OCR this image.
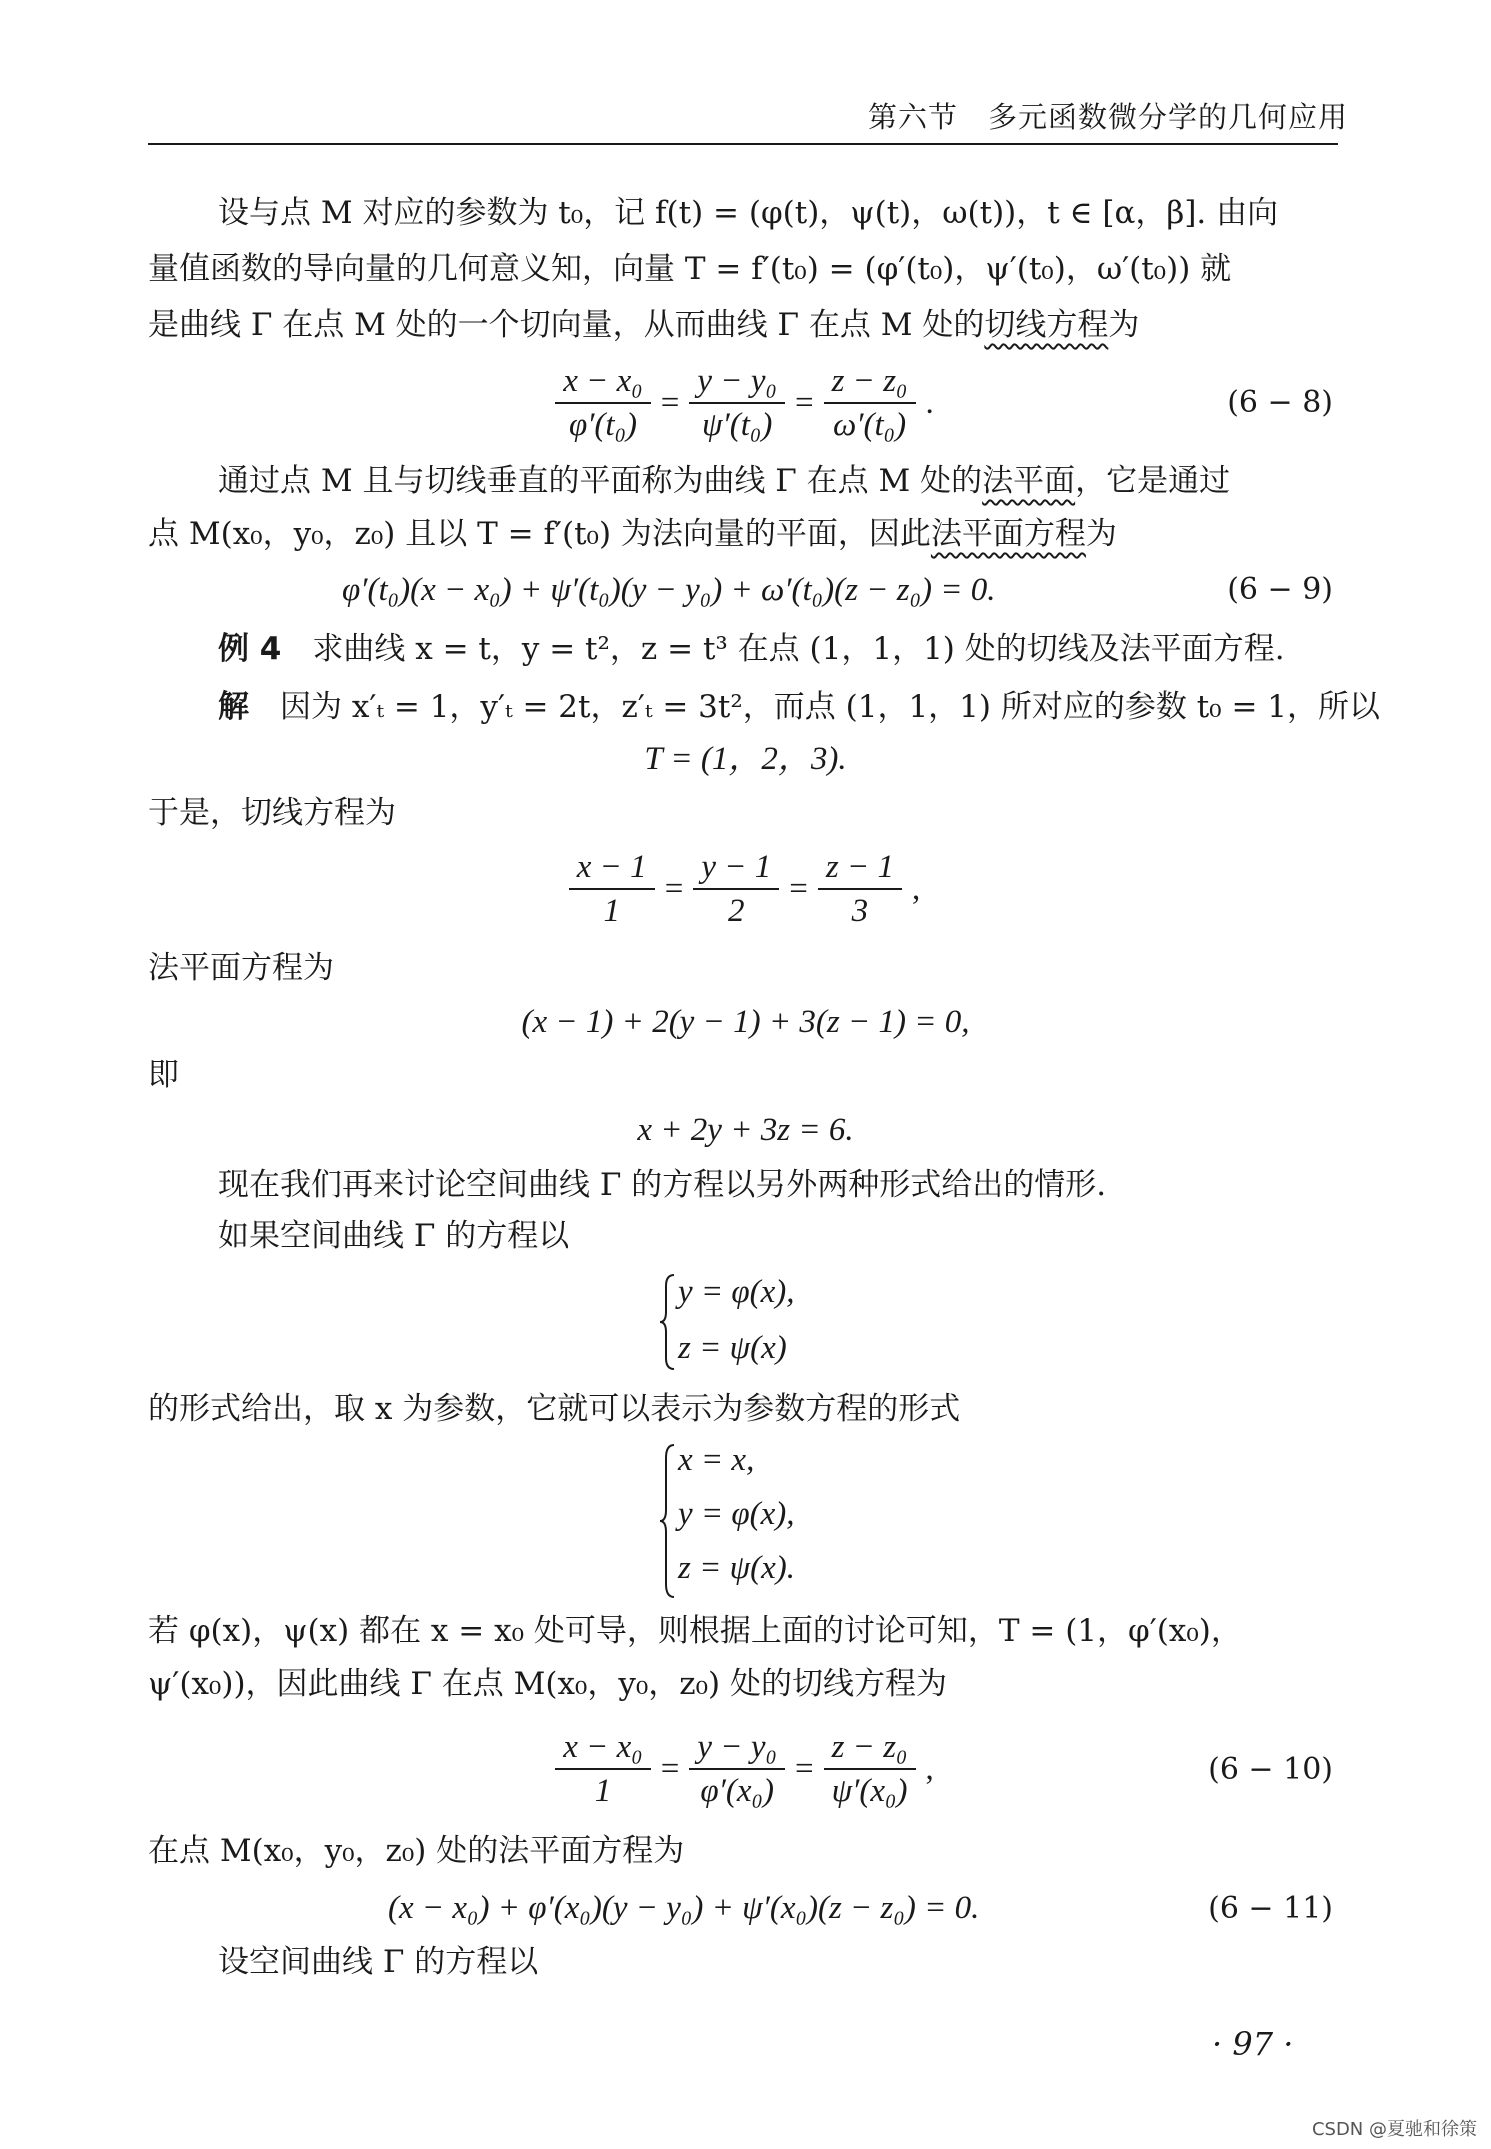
第六节　多元函数微分学的几何应用
设与点 M 对应的参数为 t₀，记 f(t) = (φ(t)，ψ(t)，ω(t))，t ∈ [α，β]. 由向
量值函数的导向量的几何意义知，向量 T = f′(t₀) = (φ′(t₀)，ψ′(t₀)，ω′(t₀)) 就
是曲线 Γ 在点 M 处的一个切向量，从而曲线 Γ 在点 M 处的切线方程为
$\frac{\text{x − x₀}}{\text{φ′(t₀)}} = \frac{\text{y − y₀}}{\text{ψ′(t₀)}} = \frac{\text{z − z₀}}{\text{ω′(t₀)}}$ .	(6 − 8)
通过点 M 且与切线垂直的平面称为曲线 Γ 在点 M 处的法平面，它是通过
点 M(x₀，y₀，z₀) 且以 T = f′(t₀) 为法向量的平面，因此法平面方程为
φ′(t₀)(x − x₀) + ψ′(t₀)(y − y₀) + ω′(t₀)(z − z₀) = 0.	(6 − 9)
例 4　 求曲线 x = t，y = t²，z = t³ 在点 (1，1，1) 处的切线及法平面方程.
解　 因为 x′ₜ = 1，y′ₜ = 2t，z′ₜ = 3t²，而点 (1，1，1) 所对应的参数 t₀ = 1，所以
T = (1，2，3).
于是，切线方程为
$\frac{x - 1}{1} = \frac{y - 1}{2} = \frac{z - 1}{3}$ ,
法平面方程为
(x − 1) + 2(y − 1) + 3(z − 1) = 0,
即
x + 2y + 3z = 6.
现在我们再来讨论空间曲线 Γ 的方程以另外两种形式给出的情形.
如果空间曲线 Γ 的方程以
y = φ(x),
z = ψ(x)
的形式给出，取 x 为参数，它就可以表示为参数方程的形式
x = x,
y = φ(x),
z = ψ(x).
若 φ(x)，ψ(x) 都在 x = x₀ 处可导，则根据上面的讨论可知，T = (1，φ′(x₀)，
ψ′(x₀))，因此曲线 Γ 在点 M(x₀，y₀，z₀) 处的切线方程为
$\frac{\text{x − x₀}}{1} = \frac{\text{y − y₀}}{\text{φ′(x₀)}} = \frac{\text{z − z₀}}{\text{ψ′(x₀)}}$ ,	(6 − 10)
在点 M(x₀，y₀，z₀) 处的法平面方程为
(x − x₀) + φ′(x₀)(y − y₀) + ψ′(x₀)(z − z₀) = 0.	(6 − 11)
设空间曲线 Γ 的方程以
· 97 ·
CSDN @夏驰和徐策
